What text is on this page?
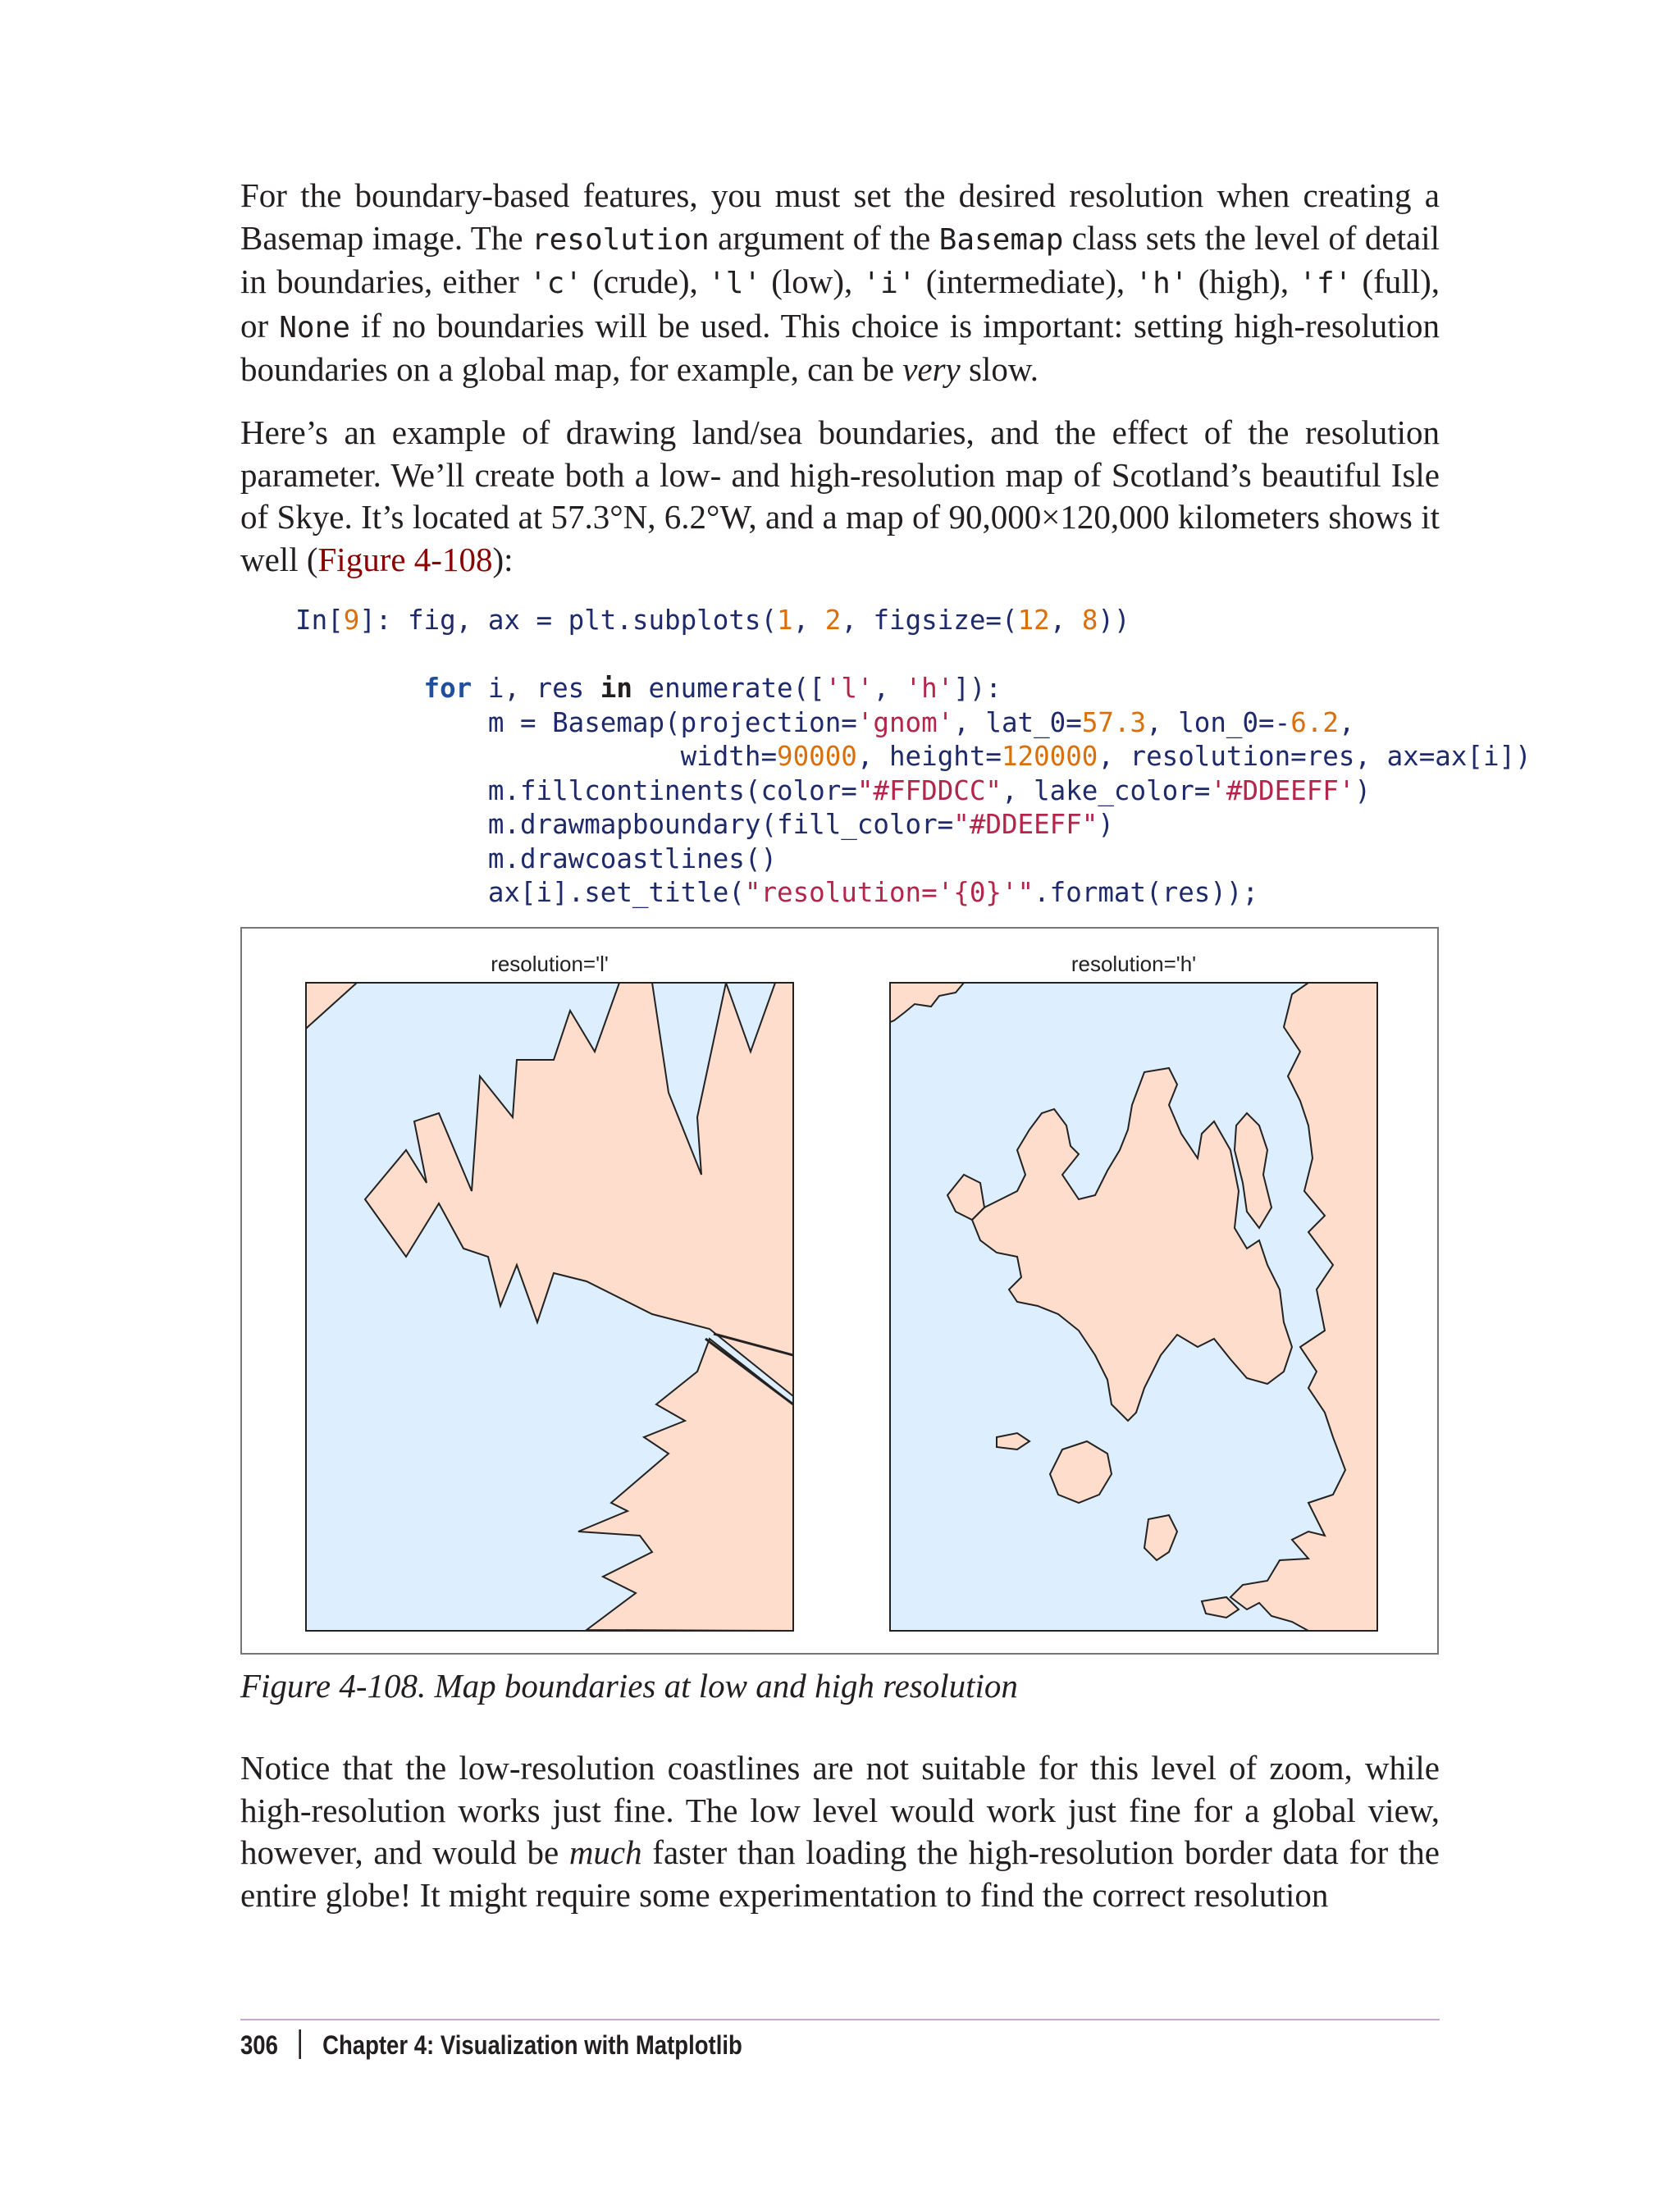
For the boundary-based features, you must set the desired resolution when creating a Basemap image. The resolution argument of the Basemap class sets the level of detail in boundaries, either 'c' (crude), 'l' (low), 'i' (intermediate), 'h' (high), 'f' (full), or None if no boundaries will be used. This choice is important: setting high-resolution boundaries on a global map, for example, can be very slow.

Here’s an example of drawing land/sea boundaries, and the effect of the resolution parameter. We’ll create both a low- and high-resolution map of Scotland’s beautiful Isle of Skye. It’s located at 57.3°N, 6.2°W, and a map of 90,000×120,000 kilometers shows it well (Figure 4-108):

In[9]: fig, ax = plt.subplots(1, 2, figsize=(12, 8))

for i, res in enumerate(['l', 'h']):
m = Basemap(projection='gnom', lat_0=57.3, lon_0=-6.2,
width=90000, height=120000, resolution=res, ax=ax[i])
m.fillcontinents(color="#FFDDCC", lake_color='#DDEEFF')
m.drawmapboundary(fill_color="#DDEEFF")
m.drawcoastlines()
ax[i].set_title("resolution='{0}'".format(res));
resolution='l'	resolution='h'

Figure 4-108. Map boundaries at low and high resolution

Notice that the low-resolution coastlines are not suitable for this level of zoom, while high-resolution works just fine. The low level would work just fine for a global view, however, and would be much faster than loading the high-resolution border data for the entire globe! It might require some experimentation to find the correct resolution

306 Chapter 4: Visualization with Matplotlib
